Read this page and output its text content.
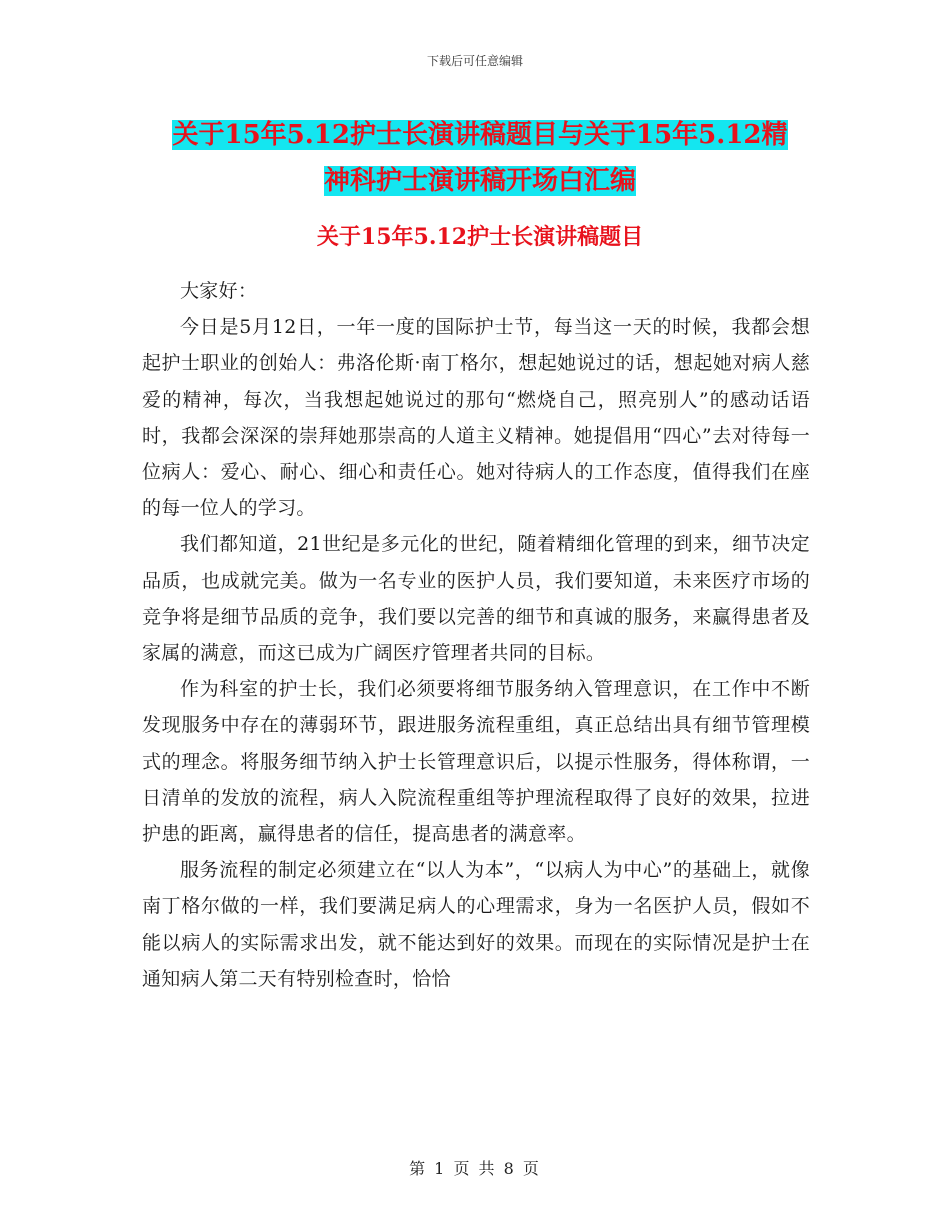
下载后可任意编辑
关于15年5.12护士长演讲稿题目与关于15年5.12精
神科护士演讲稿开场白汇编
关于15年5.12护士长演讲稿题目

大家好：

今日是5月12日，一年一度的国际护士节，每当这一天的时候，我都会想起护士职业的创始人：弗洛伦斯·南丁格尔，想起她说过的话，想起她对病人慈爱的精神，每次，当我想起她说过的那句“燃烧自己，照亮别人”的感动话语时，我都会深深的崇拜她那崇高的人道主义精神。她提倡用“四心”去对待每一位病人：爱心、耐心、细心和责任心。她对待病人的工作态度，值得我们在座的每一位人的学习。

我们都知道，21世纪是多元化的世纪，随着精细化管理的到来，细节决定品质，也成就完美。做为一名专业的医护人员，我们要知道，未来医疗市场的竞争将是细节品质的竞争，我们要以完善的细节和真诚的服务，来赢得患者及家属的满意，而这已成为广阔医疗管理者共同的目标。

作为科室的护士长，我们必须要将细节服务纳入管理意识，在工作中不断发现服务中存在的薄弱环节，跟进服务流程重组，真正总结出具有细节管理模式的理念。将服务细节纳入护士长管理意识后，以提示性服务，得体称谓，一日清单的发放的流程，病人入院流程重组等护理流程取得了良好的效果，拉进护患的距离，赢得患者的信任，提高患者的满意率。

服务流程的制定必须建立在“以人为本”，“以病人为中心”的基础上，就像南丁格尔做的一样，我们要满足病人的心理需求，身为一名医护人员，假如不能以病人的实际需求出发，就不能达到好的效果。而现在的实际情况是护士在通知病人第二天有特别检查时，恰恰

第 1 页 共 8 页
